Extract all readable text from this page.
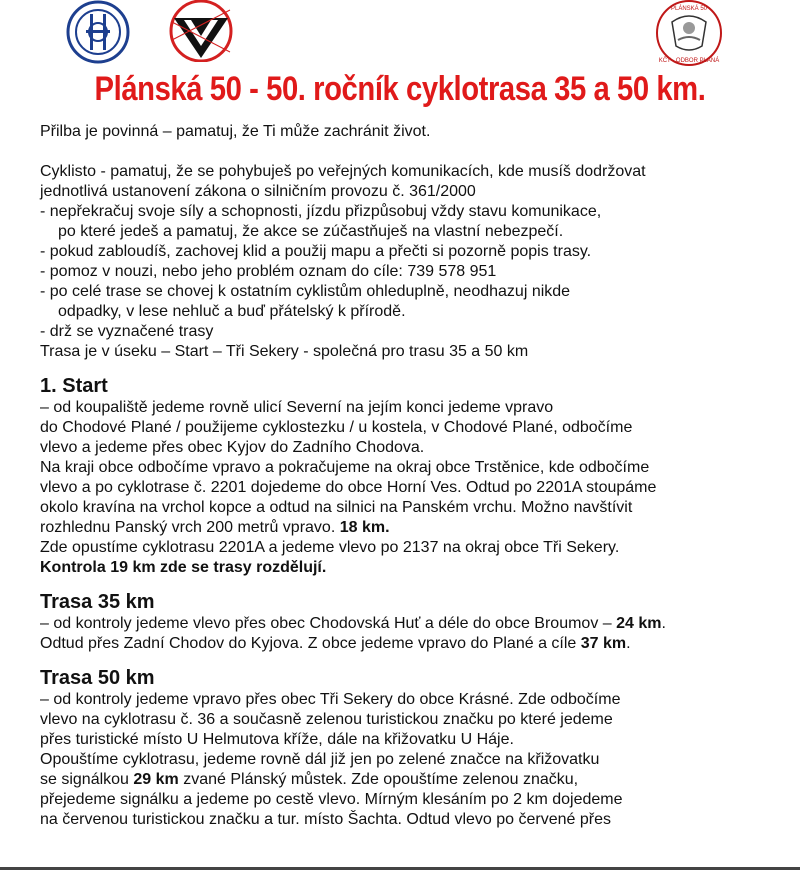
PLÁNSKÁ 50
KČT - ODBOR PLANÁ
Plánská 50 - 50. ročník cyklotrasa 35 a 50 km.
Přilba je povinná – pamatuj, že Ti může zachránit život.
Cyklisto - pamatuj, že se pohybuješ po veřejných komunikacích, kde musíš dodržovat
jednotlivá ustanovení zákona o silničním provozu č. 361/2000
- nepřekračuj svoje síly a schopnosti, jízdu přizpůsobuj vždy stavu komunikace,
po které jedeš a pamatuj, že akce se zúčastňuješ na vlastní nebezpečí.
- pokud zabloudíš, zachovej klid a použij mapu a přečti si pozorně popis trasy.
- pomoz v nouzi, nebo jeho problém oznam do cíle: 739 578 951
- po celé trase se chovej k ostatním cyklistům ohleduplně, neodhazuj nikde
odpadky, v lese nehluč a buď přátelský k přírodě.
- drž se vyznačené trasy
Trasa je v úseku – Start – Tři Sekery - společná pro trasu 35 a 50 km
1. Start
– od koupaliště jedeme rovně ulicí Severní na jejím konci jedeme vpravo
do Chodové Plané / použijeme cyklostezku / u kostela, v Chodové Plané, odbočíme
vlevo a jedeme přes obec Kyjov do Zadního Chodova.
Na kraji obce odbočíme vpravo a pokračujeme na okraj obce Trstěnice, kde odbočíme
vlevo a po cyklotrase č. 2201 dojedeme do obce Horní Ves. Odtud po 2201A stoupáme
okolo kravína na vrchol kopce a odtud na silnici na Panském vrchu. Možno navštívit
rozhlednu Panský vrch 200 metrů vpravo. 18 km.
Zde opustíme cyklotrasu 2201A a jedeme vlevo po 2137 na okraj obce Tři Sekery.
Kontrola 19 km zde se trasy rozdělují.
Trasa 35 km
– od kontroly jedeme vlevo přes obec Chodovská Huť a déle do obce Broumov – 24 km.
Odtud přes Zadní Chodov do Kyjova. Z obce jedeme vpravo do Plané a cíle 37 km.
Trasa 50 km
– od kontroly jedeme vpravo přes obec Tři Sekery do obce Krásné. Zde odbočíme
vlevo na cyklotrasu č. 36 a současně zelenou turistickou značku po které jedeme
přes turistické místo U Helmutova kříže, dále na křižovatku U Háje.
Opouštíme cyklotrasu, jedeme rovně dál již jen po zelené značce na křižovatku
se signálkou 29 km zvané Plánský můstek. Zde opouštíme zelenou značku,
přejedeme signálku a jedeme po cestě vlevo. Mírným klesáním po 2 km dojedeme
na červenou turistickou značku a tur. místo Šachta. Odtud vlevo po červené přes
